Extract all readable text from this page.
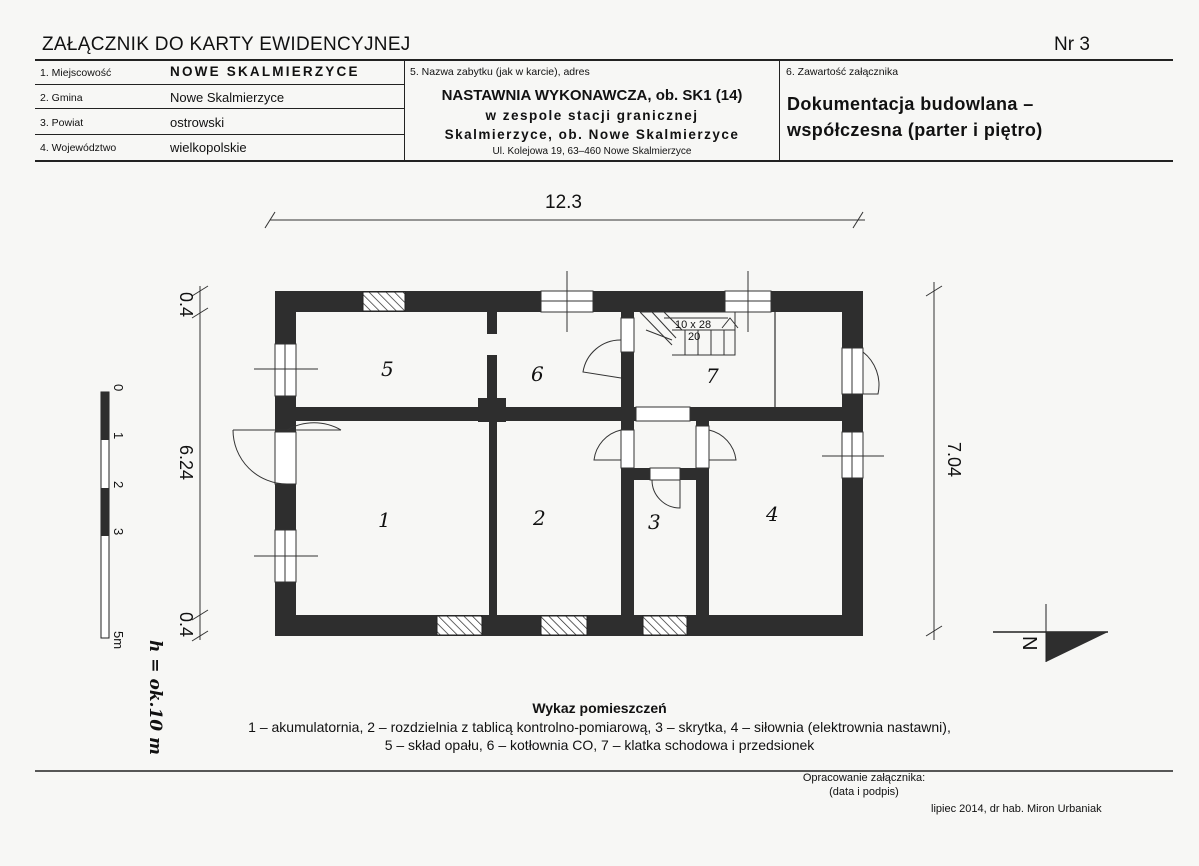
ZAŁĄCZNIK DO KARTY EWIDENCYJNEJ	Nr 3
1. Miejscowość	NOWE SKALMIERZYCE
2. Gmina	Nowe Skalmierzyce
3. Powiat	ostrowski
4. Województwo	wielkopolskie
5. Nazwa zabytku (jak w karcie), adres
NASTAWNIA WYKONAWCZA, ob. SK1 (14)
w zespole stacji granicznej
Skalmierzyce, ob. Nowe Skalmierzyce
Ul. Kolejowa 19, 63–460 Nowe Skalmierzyce
6. Zawartość załącznika
Dokumentacja budowlana –
współczesna (parter i piętro)
12.3
0.4
6.24
0.4
7.04
10 x 28
20
1	2	3	4
5	6	7
0
1
2
3
5m h = ok.10 m	N
Wykaz pomieszczeń
1 – akumulatornia, 2 – rozdzielnia z tablicą kontrolno-pomiarową, 3 – skrytka, 4 – siłownia (elektrownia nastawni),
5 – skład opału, 6 – kotłownia CO, 7 – klatka schodowa i przedsionek
Opracowanie załącznika:
(data i podpis)
lipiec 2014, dr hab. Miron Urbaniak
